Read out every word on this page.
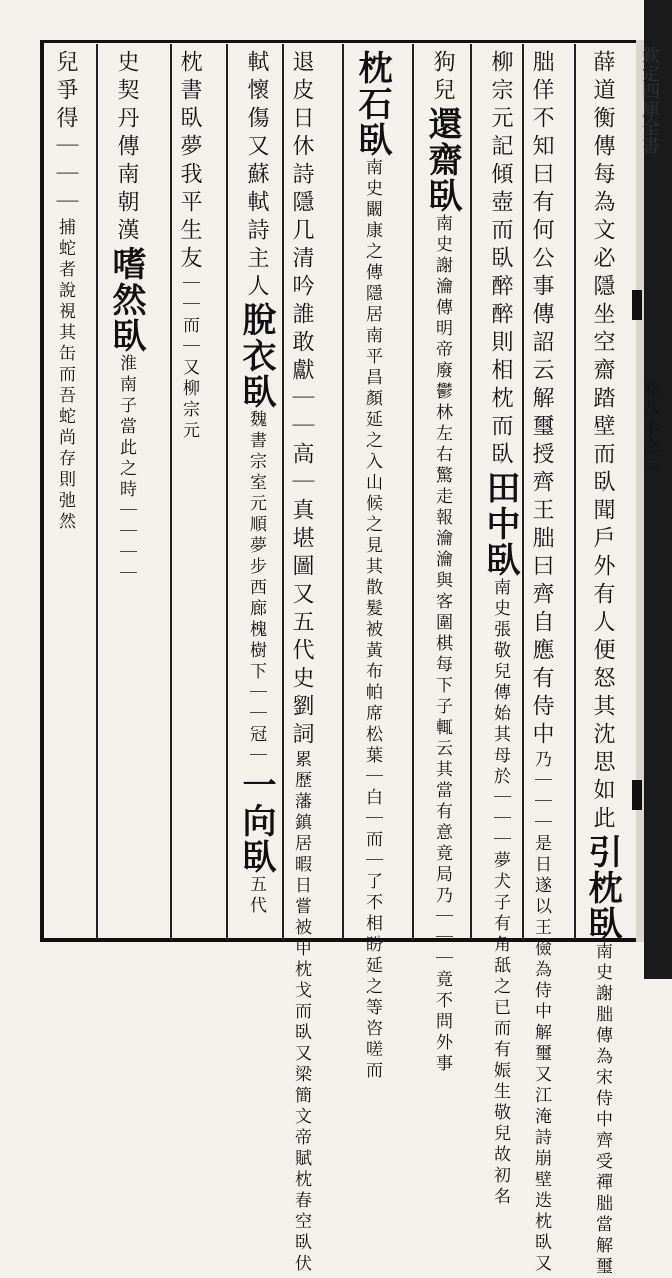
欽定四庫全書
卷八十之二
薛道衡傳每為文必隱坐空齋踏壁而臥聞戶外有人便怒其沈思如此引枕臥南史謝朏傳為宋侍中齊受禪朏當解璽
朏佯不知曰有何公事傳詔云解璽授齊王朏曰齊自應有侍中乃｜｜｜是日遂以王儉為侍中解璽又江淹詩崩壁迭枕臥又
柳宗元記傾壺而臥醉醉則相枕而臥田中臥南史張敬兒傳始其母於｜｜｜夢犬子有角舐之已而有娠生敬兒故初名
狗兒還齋臥南史謝瀹傳明帝廢鬱林左右驚走報瀹瀹與客圍棋每下子輒云其當有意竟局乃｜｜｜竟不問外事
枕石臥南史闞康之傳隱居南平昌顏延之入山候之見其散髮被黃布帕席松葉｜白｜而｜了不相盼延之等咨嗟而
退皮日休詩隱几清吟誰敢獻｜｜高｜真堪圖又五代史劉詞累歷藩鎮居暇日嘗被甲枕戈而臥又梁簡文帝賦枕春空臥伏
軾懷傷又蘇軾詩主人脫衣臥魏書宗室元順夢步西廊槐樹下｜｜冠｜一向臥五代
枕書臥夢我平生友｜｜而｜又柳宗元
史契丹傳南朝漢嗜然臥淮南子當此之時｜｜｜｜
兒爭得｜｜｜捕蛇者說視其缶而吾蛇尚存則弛然
